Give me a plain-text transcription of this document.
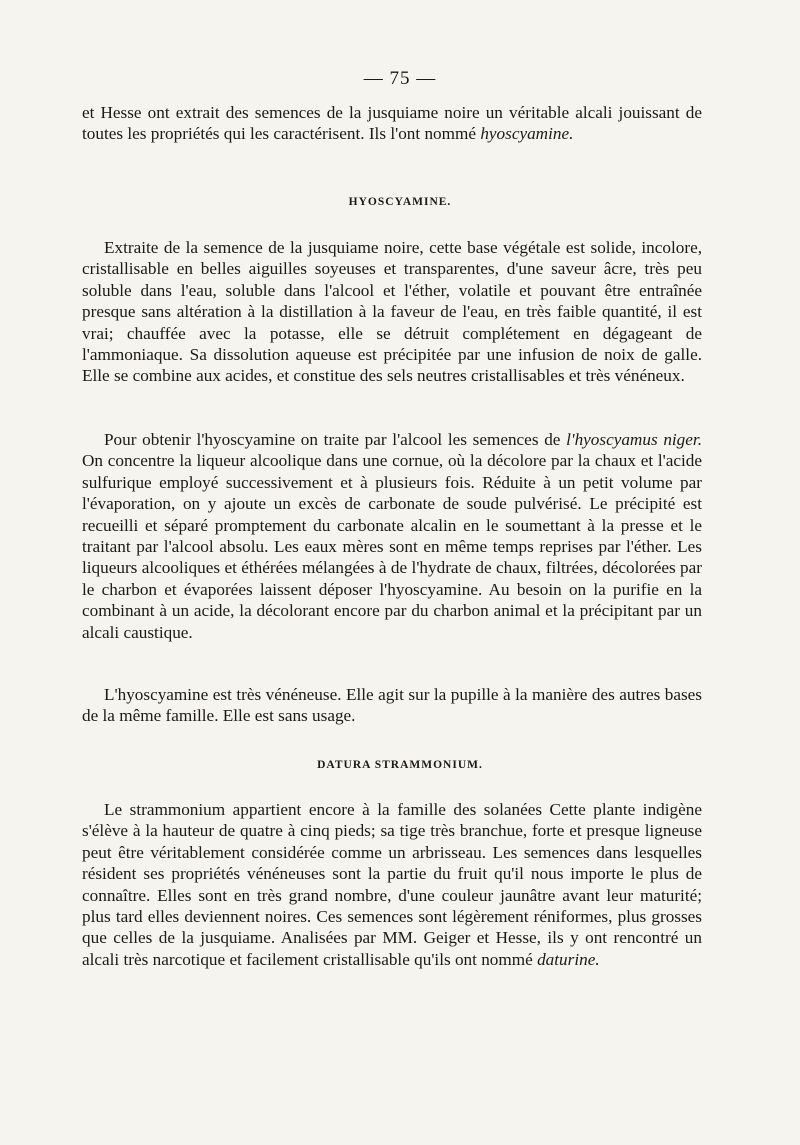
— 75 —

et Hesse ont extrait des semences de la jusquiame noire un véritable alcali jouissant de toutes les propriétés qui les caractérisent. Ils l'ont nommé hyoscyamine.

HYOSCYAMINE.

Extraite de la semence de la jusquiame noire, cette base végétale est solide, incolore, cristallisable en belles aiguilles soyeuses et transparentes, d'une saveur âcre, très peu soluble dans l'eau, soluble dans l'alcool et l'éther, volatile et pouvant être entraînée presque sans altération à la distillation à la faveur de l'eau, en très faible quantité, il est vrai; chauffée avec la potasse, elle se détruit complétement en dégageant de l'ammoniaque. Sa dissolution aqueuse est précipitée par une infusion de noix de galle. Elle se combine aux acides, et constitue des sels neutres cristallisables et très vénéneux.

Pour obtenir l'hyoscyamine on traite par l'alcool les semences de l'hyoscyamus niger. On concentre la liqueur alcoolique dans une cornue, où la décolore par la chaux et l'acide sulfurique employé successivement et à plusieurs fois. Réduite à un petit volume par l'évaporation, on y ajoute un excès de carbonate de soude pulvérisé. Le précipité est recueilli et séparé promptement du carbonate alcalin en le soumettant à la presse et le traitant par l'alcool absolu. Les eaux mères sont en même temps reprises par l'éther. Les liqueurs alcooliques et éthérées mélangées à de l'hydrate de chaux, filtrées, décolorées par le charbon et évaporées laissent déposer l'hyoscyamine. Au besoin on la purifie en la combinant à un acide, la décolorant encore par du charbon animal et la précipitant par un alcali caustique.

L'hyoscyamine est très vénéneuse. Elle agit sur la pupille à la manière des autres bases de la même famille. Elle est sans usage.

DATURA STRAMMONIUM.

Le strammonium appartient encore à la famille des solanées Cette plante indigène s'élève à la hauteur de quatre à cinq pieds; sa tige très branchue, forte et presque ligneuse peut être véritablement considérée comme un arbrisseau. Les semences dans lesquelles résident ses propriétés vénéneuses sont la partie du fruit qu'il nous importe le plus de connaître. Elles sont en très grand nombre, d'une couleur jaunâtre avant leur maturité; plus tard elles deviennent noires. Ces semences sont légèrement réniformes, plus grosses que celles de la jusquiame. Analisées par MM. Geiger et Hesse, ils y ont rencontré un alcali très narcotique et facilement cristallisable qu'ils ont nommé daturine.
